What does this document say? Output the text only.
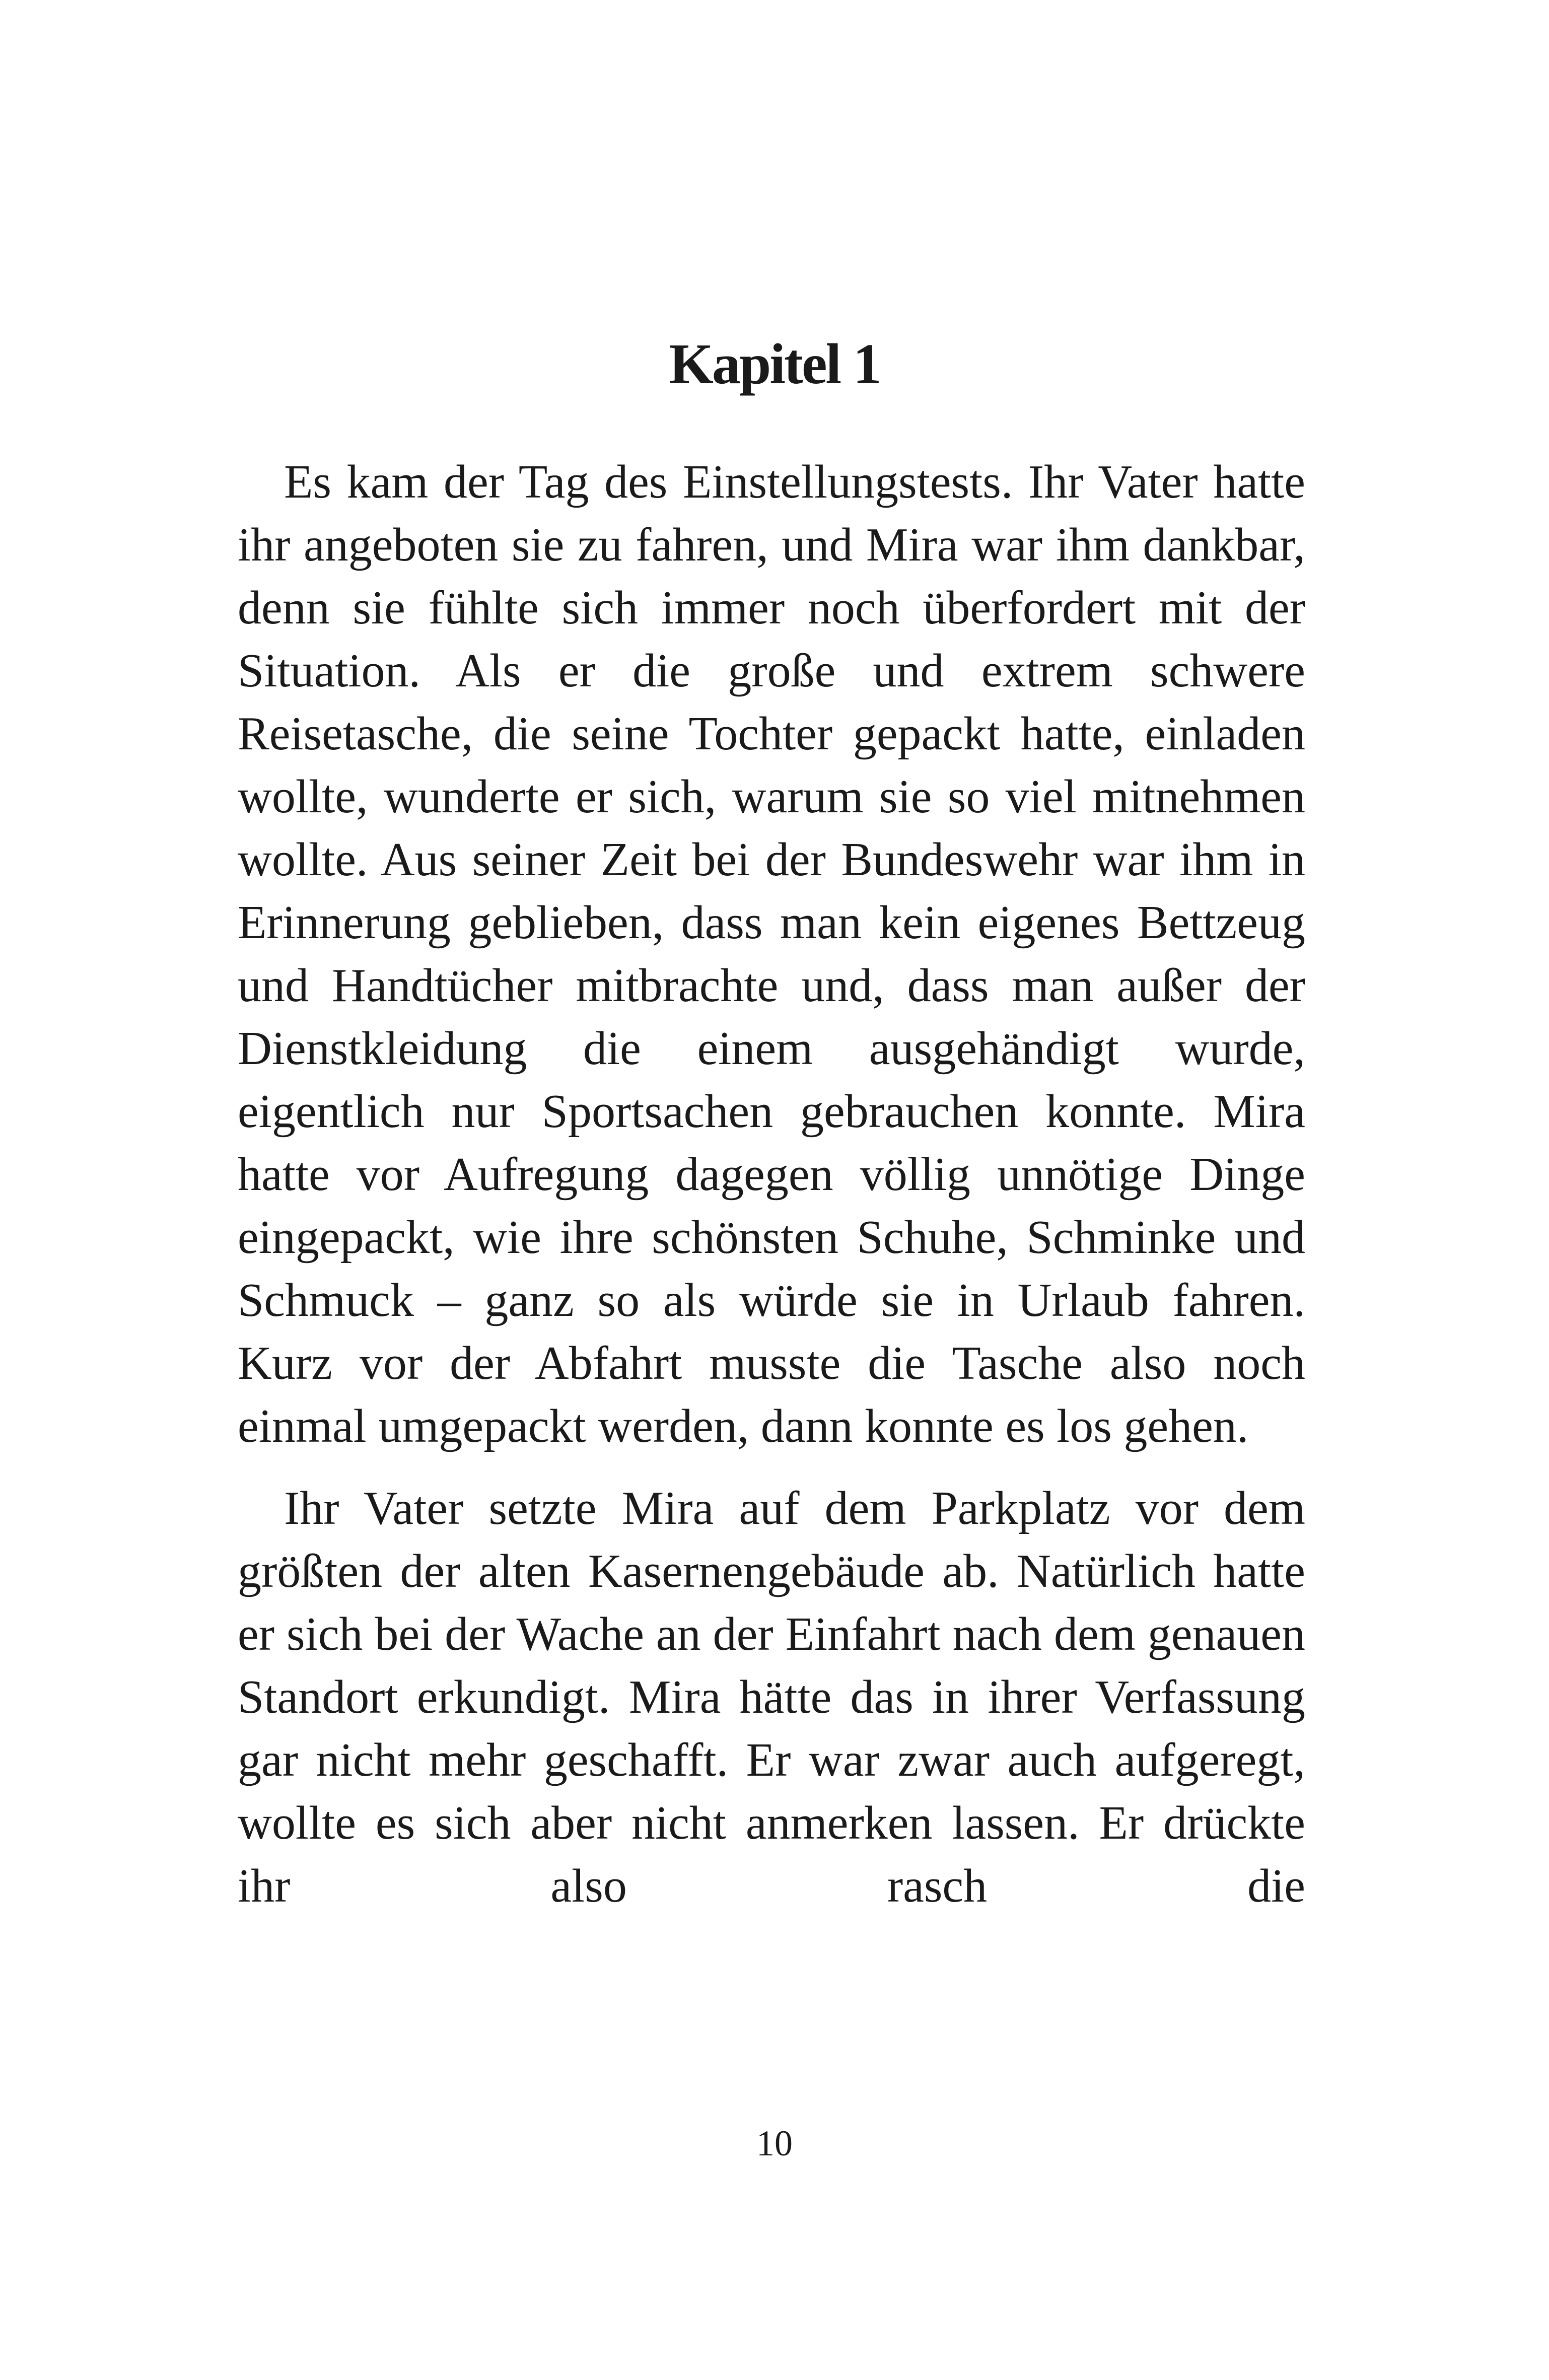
Kapitel 1

Es kam der Tag des Einstellungstests. Ihr Vater hatte ihr angeboten sie zu fahren, und Mira war ihm dankbar, denn sie fühlte sich immer noch überfordert mit der Situation. Als er die große und extrem schwere Reisetasche, die seine Tochter gepackt hatte, einladen wollte, wunderte er sich, warum sie so viel mitnehmen wollte. Aus seiner Zeit bei der Bundeswehr war ihm in Erinnerung geblieben, dass man kein eigenes Bettzeug und Handtücher mitbrachte und, dass man außer der Dienstkleidung die einem ausgehändigt wurde, eigentlich nur Sportsachen gebrauchen konnte. Mira hatte vor Aufregung dagegen völlig unnötige Dinge eingepackt, wie ihre schönsten Schuhe, Schminke und Schmuck – ganz so als würde sie in Urlaub fahren. Kurz vor der Abfahrt musste die Tasche also noch einmal umgepackt werden, dann konnte es los gehen.

Ihr Vater setzte Mira auf dem Parkplatz vor dem größten der alten Kasernengebäude ab. Natürlich hatte er sich bei der Wache an der Einfahrt nach dem genauen Standort erkundigt. Mira hätte das in ihrer Verfassung gar nicht mehr geschafft. Er war zwar auch aufgeregt, wollte es sich aber nicht anmerken lassen. Er drückte ihr also rasch die

10
